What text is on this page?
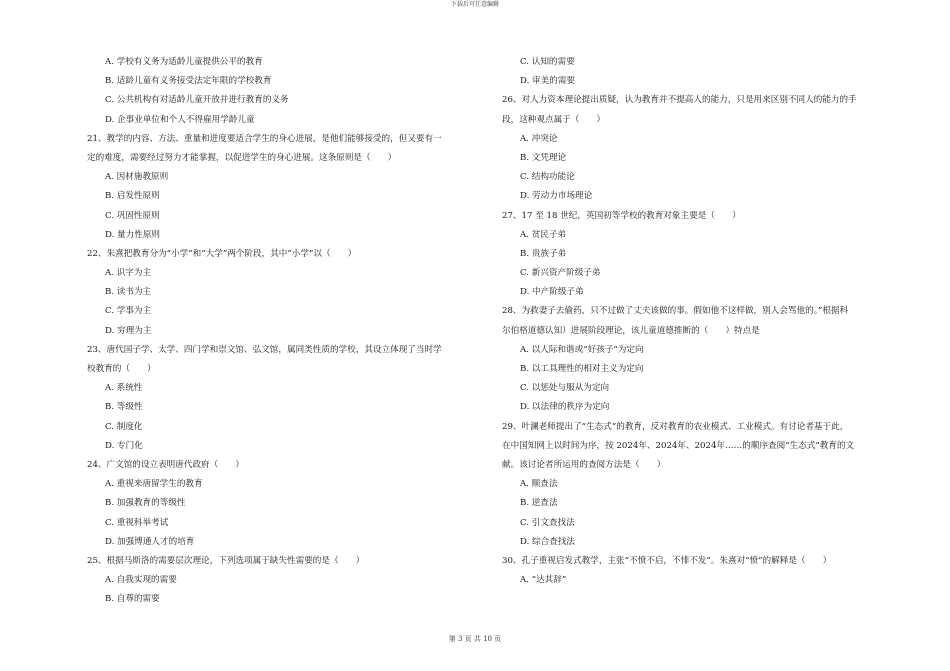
下载后可任意编辑
A. 学校有义务为适龄儿童提供公平的教育
B. 适龄儿童有义务接受法定年限的学校教育
C. 公共机构有对适龄儿童开放并进行教育的义务
D. 企事业单位和个人不得雇用学龄儿童
21、教学的内容、方法、重量和进度要适合学生的身心进展，是他们能够接受的，但又要有一
定的难度，需要经过努力才能掌握，以促进学生的身心进展。这条原则是（　　）
A. 因材施教原则
B. 启发性原则
C. 巩固性原则
D. 量力性原则
22、朱熹把教育分为“小学”和“大学”两个阶段，其中“小学”以（　　）
A. 识字为主
B. 读书为主
C. 学事为主
D. 穷理为主
23、唐代国子学、太学、四门学和崇文馆、弘文馆，属同类性质的学校，其设立体现了当时学
校教育的（　　）
A. 系统性
B. 等级性
C. 制度化
D. 专门化
24、广文馆的设立表明唐代政府（　　）
A. 重视来唐留学生的教育
B. 加强教育的等级性
C. 重视科举考试
D. 加强博通人才的培育
25、根据马斯洛的需要层次理论，下列选项属于缺失性需要的是（　　）
A. 自我实现的需要
B. 自尊的需要
C. 认知的需要
D. 审美的需要
26、对人力资本理论提出质疑，认为教育并不提高人的能力，只是用来区别不同人的能力的手
段，这种观点属于（　　）
A. 冲突论
B. 文凭理论
C. 结构功能论
D. 劳动力市场理论
27、17 至 18 世纪，英国初等学校的教育对象主要是（　　）
A. 贫民子弟
B. 贵族子弟
C. 新兴资产阶级子弟
D. 中产阶级子弟
28、为救妻子去偷药，只不过做了丈夫该做的事。假如他不这样做，别人会骂他的。”根据科
尔伯格道德认知）进展阶段理论，该儿童道德推断的（　　）特点是
A. 以人际和谐或“好孩子”为定向
B. 以工具理性的相对主义为定向
C. 以惩处与服从为定向
D. 以法律的秩序为定向
29、叶澜老师提出了“生态式”的教育，反对教育的农业模式、工业模式。有讨论者基于此，
在中国知网上以时间为序，按 2024年、2024年、2024年……的顺序查阅“生态式”教育的文
献。该讨论者所运用的查阅方法是（　　）
A. 顺查法
B. 逆查法
C. 引文查找法
D. 综合查找法
30、孔子重视启发式教学，主张“不愤不启，不悱不发”。朱熹对“愤”的解释是（　　）
A. “达其辞”
第 3 页 共 10 页
